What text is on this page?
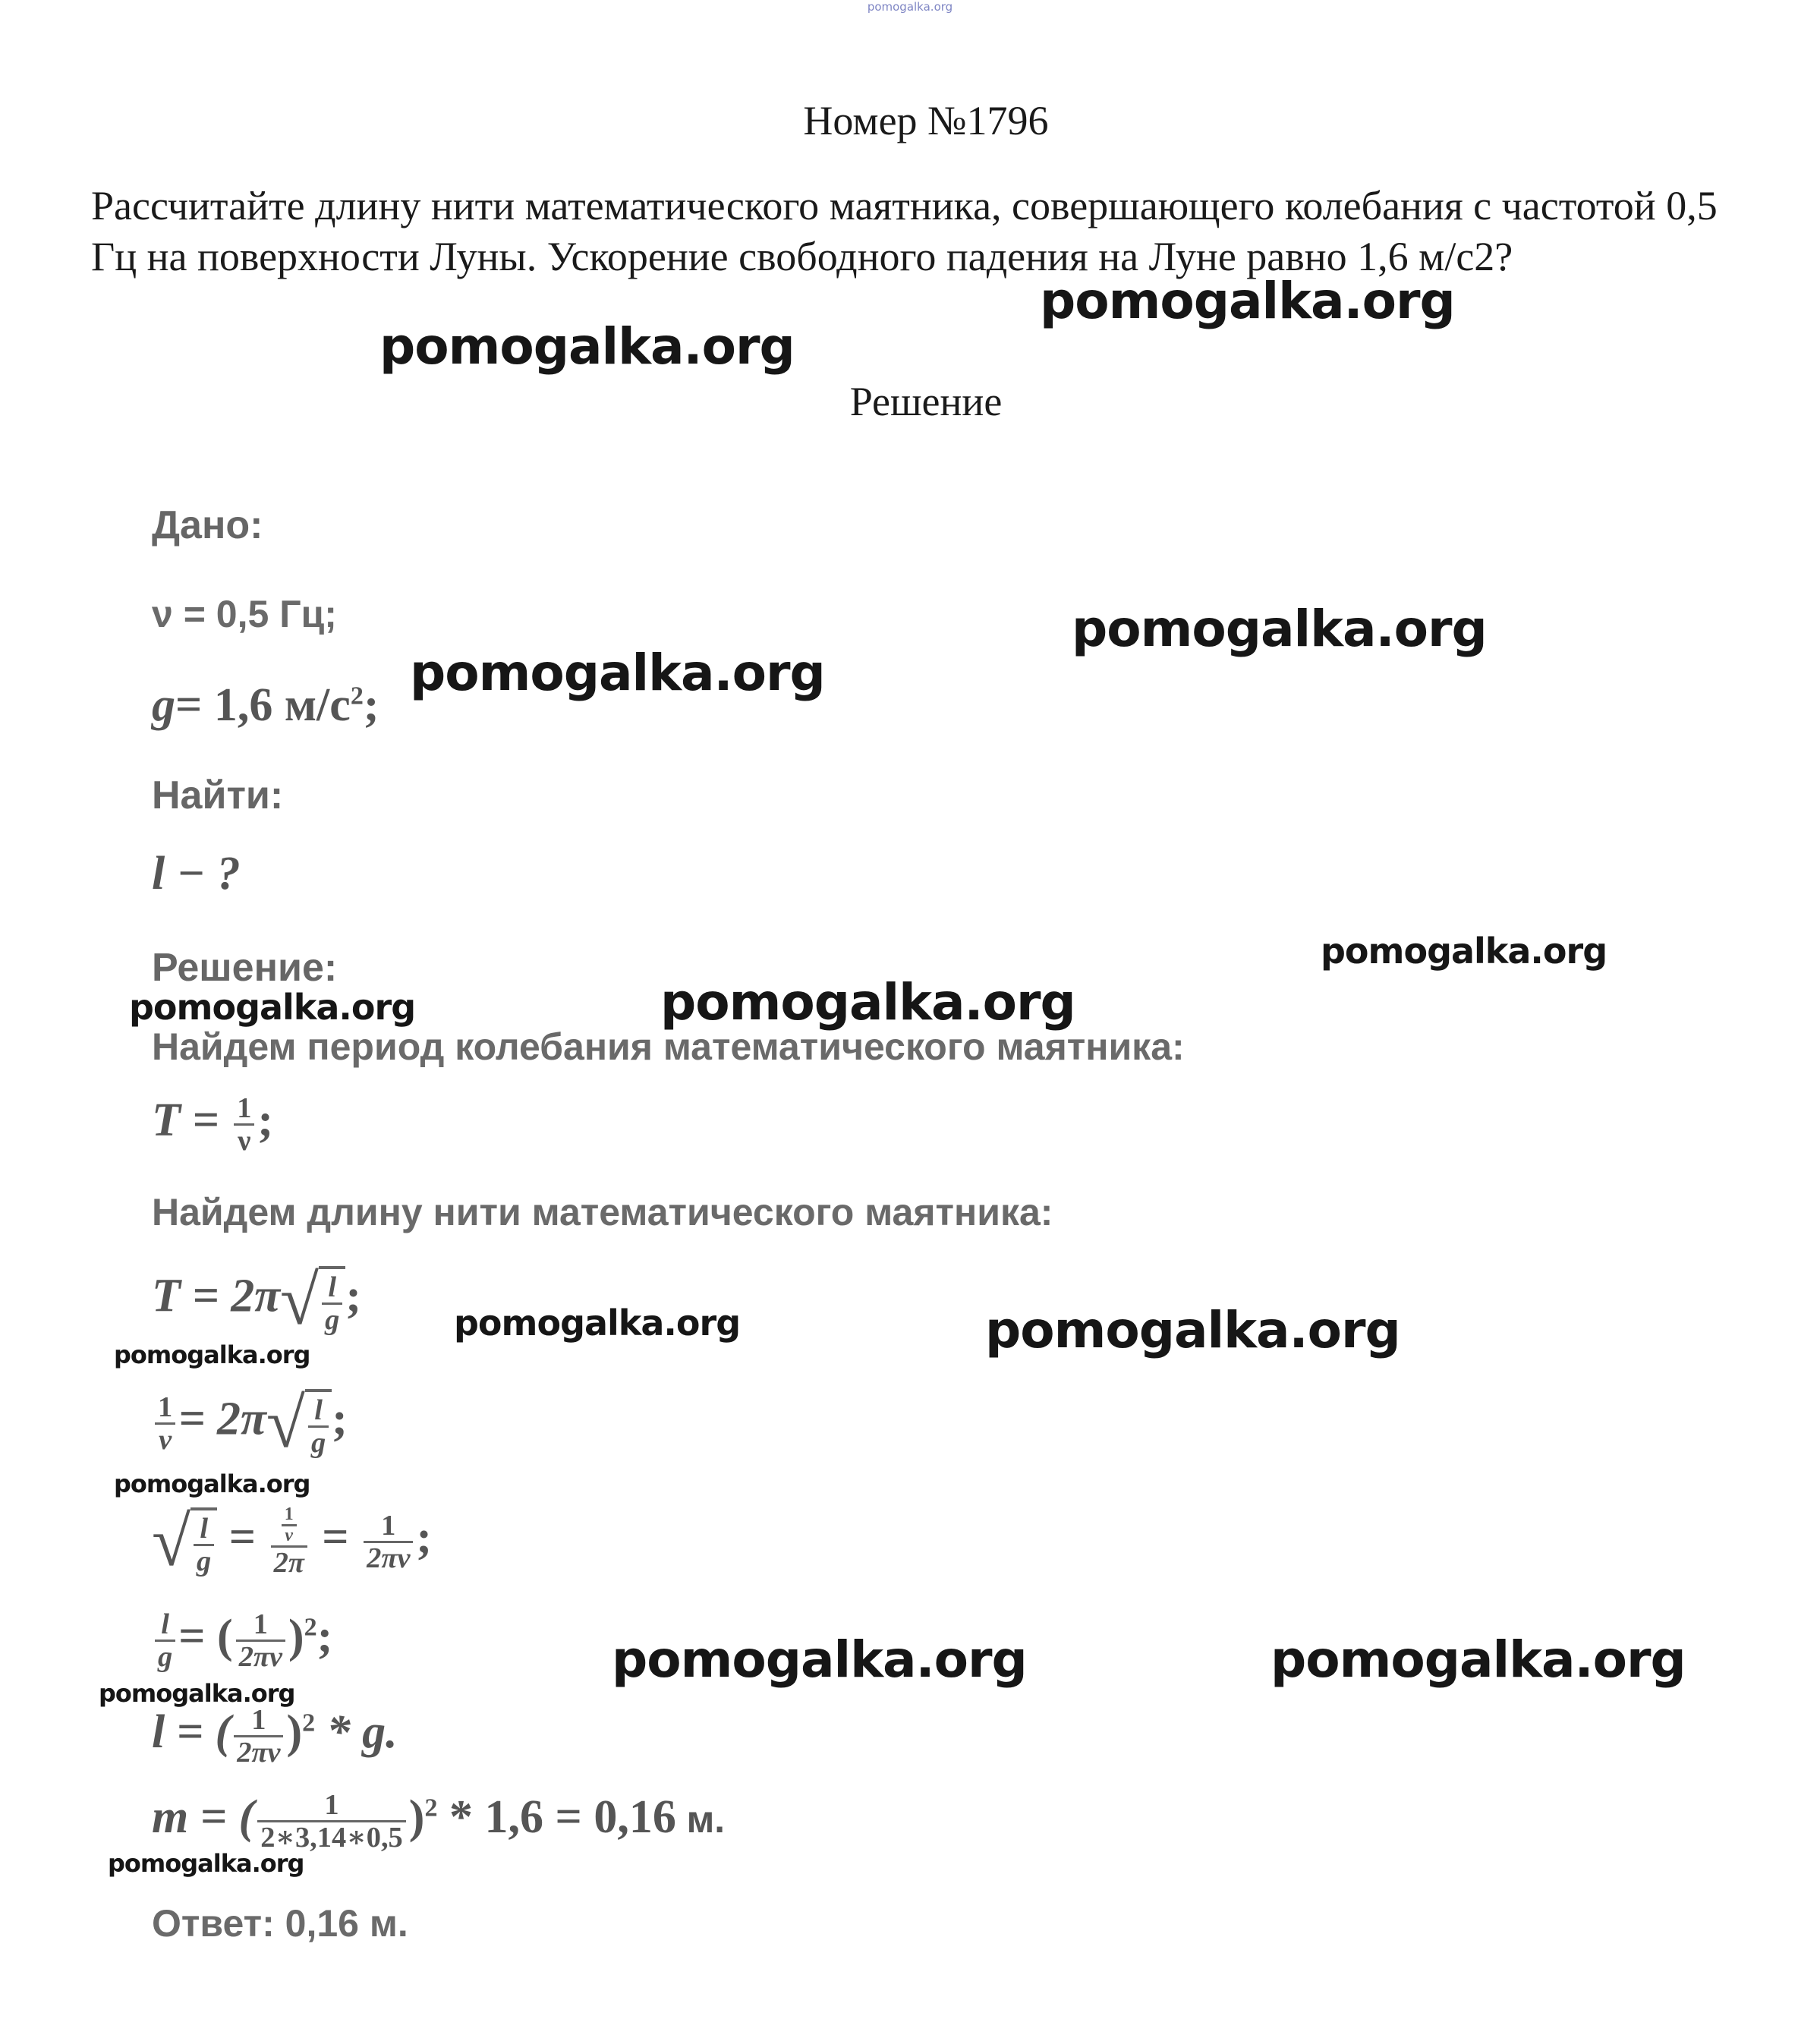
pomogalka.org
Номер №1796
Рассчитайте длину нити математического маятника, совершающего колебания с частотой 0,5 Гц на поверхности Луны. Ускорение свободного падения на Луне равно 1,6 м/с2?
Решение
Дано:
ν = 0,5 Гц;
g= 1,6 $м/с^2$;
Найти:
l − ?
Решение:
Найдем период колебания математического маятника:
$T = \frac{1}{\nu}$ ;
Найдем длину нити математического маятника:
$T = 2\pi√ \frac{l}{g}$ ;
$\frac{1}{\nu} = 2\pi√ \frac{l}{g}$ ;
√ $\frac{l}{g} = \frac{\frac{1}{\nu}}{2\pi} = \frac{1}{2\pi\nu}$ ;
$\frac{l}{g}$ = ( $\frac{1}{2\pi\nu} )^2$;
l = ( $\frac{1}{2\pi\nu} )^2$ * g.
m = ( $\frac{1}{2∗3,14∗0,5} )^2 * 1,6 = 0,16$ м.
Ответ: 0,16 м.
pomogalka.org
pomogalka.org
pomogalka.org
pomogalka.org
pomogalka.org
pomogalka.org	pomogalka.org
pomogalka.org	pomogalka.org
pomogalka.org
pomogalka.org
pomogalka.org	pomogalka.org
pomogalka.org
pomogalka.org
